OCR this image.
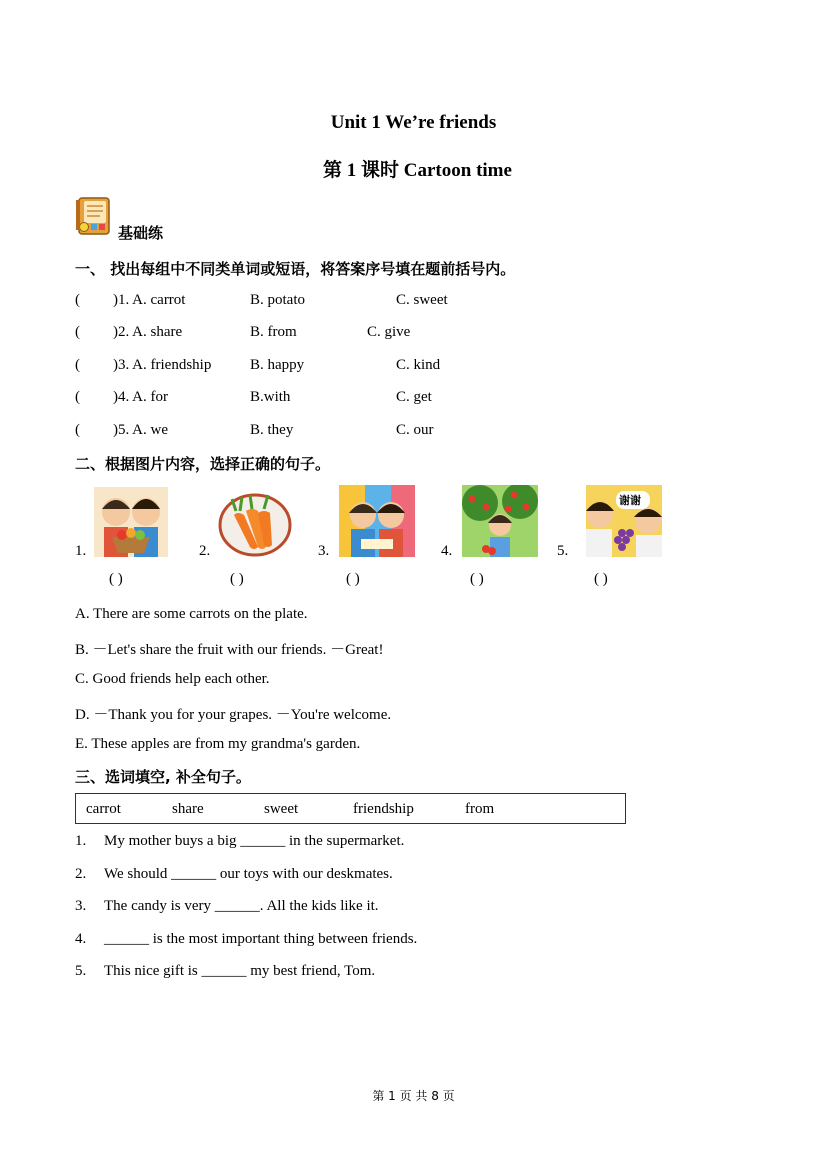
Unit 1 We’re friends
第 1 课时 Cartoon time
基础练
一、 找出每组中不同类单词或短语，将答案序号填在题前括号内。
( )1. A. carrot	B. potato	C. sweet
( )2. A. share	B. from	C. give
( )3. A. friendship	B. happy	C. kind
( )4. A. for	B.with	C. get
( )5. A. we	B. they	C. our
二、根据图片内容，选择正确的句子。
1.
( )
2.
( )
3.
( )
4.
( )
5.
谢谢
( )
A. There are some carrots on the plate.
B. －Let's share the fruit with our friends. －Great!
C. Good friends help each other.
D. －Thank you for your grapes. －You're welcome.
E. These apples are from my grandma's garden.
三、选词填空, 补全句子。
carrot	share	sweet	friendship	from
1. My mother buys a big ______ in the supermarket.
2. We should ______ our toys with our deskmates.
3. The candy is very ______. All the kids like it.
4. ______ is the most important thing between friends.
5. This nice gift is ______ my best friend, Tom.
第 1 页 共 8 页
